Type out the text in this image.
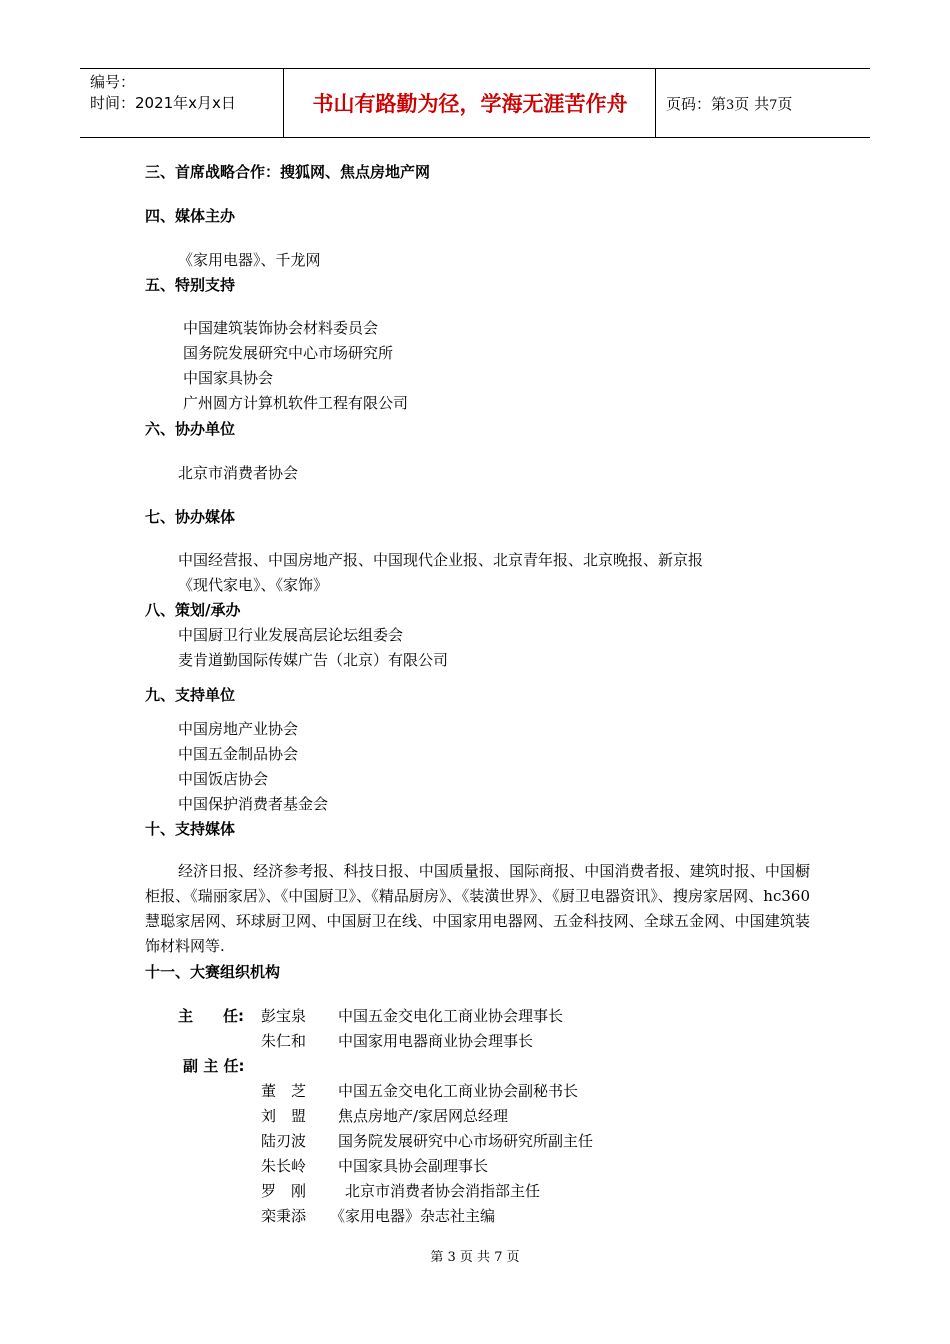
编号：
时间：2021年x月x日	书山有路勤为径，学海无涯苦作舟	页码：第3页 共7页
三、首席战略合作：搜狐网、焦点房地产网
四、媒体主办
《家用电器》、千龙网
五、特别支持
中国建筑装饰协会材料委员会
国务院发展研究中心市场研究所
中国家具协会
广州圆方计算机软件工程有限公司
六、协办单位
北京市消费者协会
七、协办媒体
中国经营报、中国房地产报、中国现代企业报、北京青年报、北京晚报、新京报
《现代家电》、《家饰》
八、策划/承办
中国厨卫行业发展高层论坛组委会
麦肯道勤国际传媒广告（北京）有限公司
九、支持单位
中国房地产业协会
中国五金制品协会
中国饭店协会
中国保护消费者基金会
十、支持媒体
经济日报、经济参考报、科技日报、中国质量报、国际商报、中国消费者报、建筑时报、中国橱柜报、《瑞丽家居》、《中国厨卫》、《精品厨房》、《装潢世界》、《厨卫电器资讯》、搜房家居网、hc360慧聪家居网、环球厨卫网、中国厨卫在线、中国家用电器网、五金科技网、全球五金网、中国建筑装饰材料网等.
十一、大赛组织机构
主　　任: 彭宝泉 中国五金交电化工商业协会理事长
朱仁和 中国家用电器商业协会理事长
副 主 任:
董　芝 中国五金交电化工商业协会副秘书长
刘　盟 焦点房地产/家居网总经理
陆刃波 国务院发展研究中心市场研究所副主任
朱长岭 中国家具协会副理事长
罗　刚	北京市消费者协会消指部主任
栾秉添 《家用电器》杂志社主编
第 3 页 共 7 页
